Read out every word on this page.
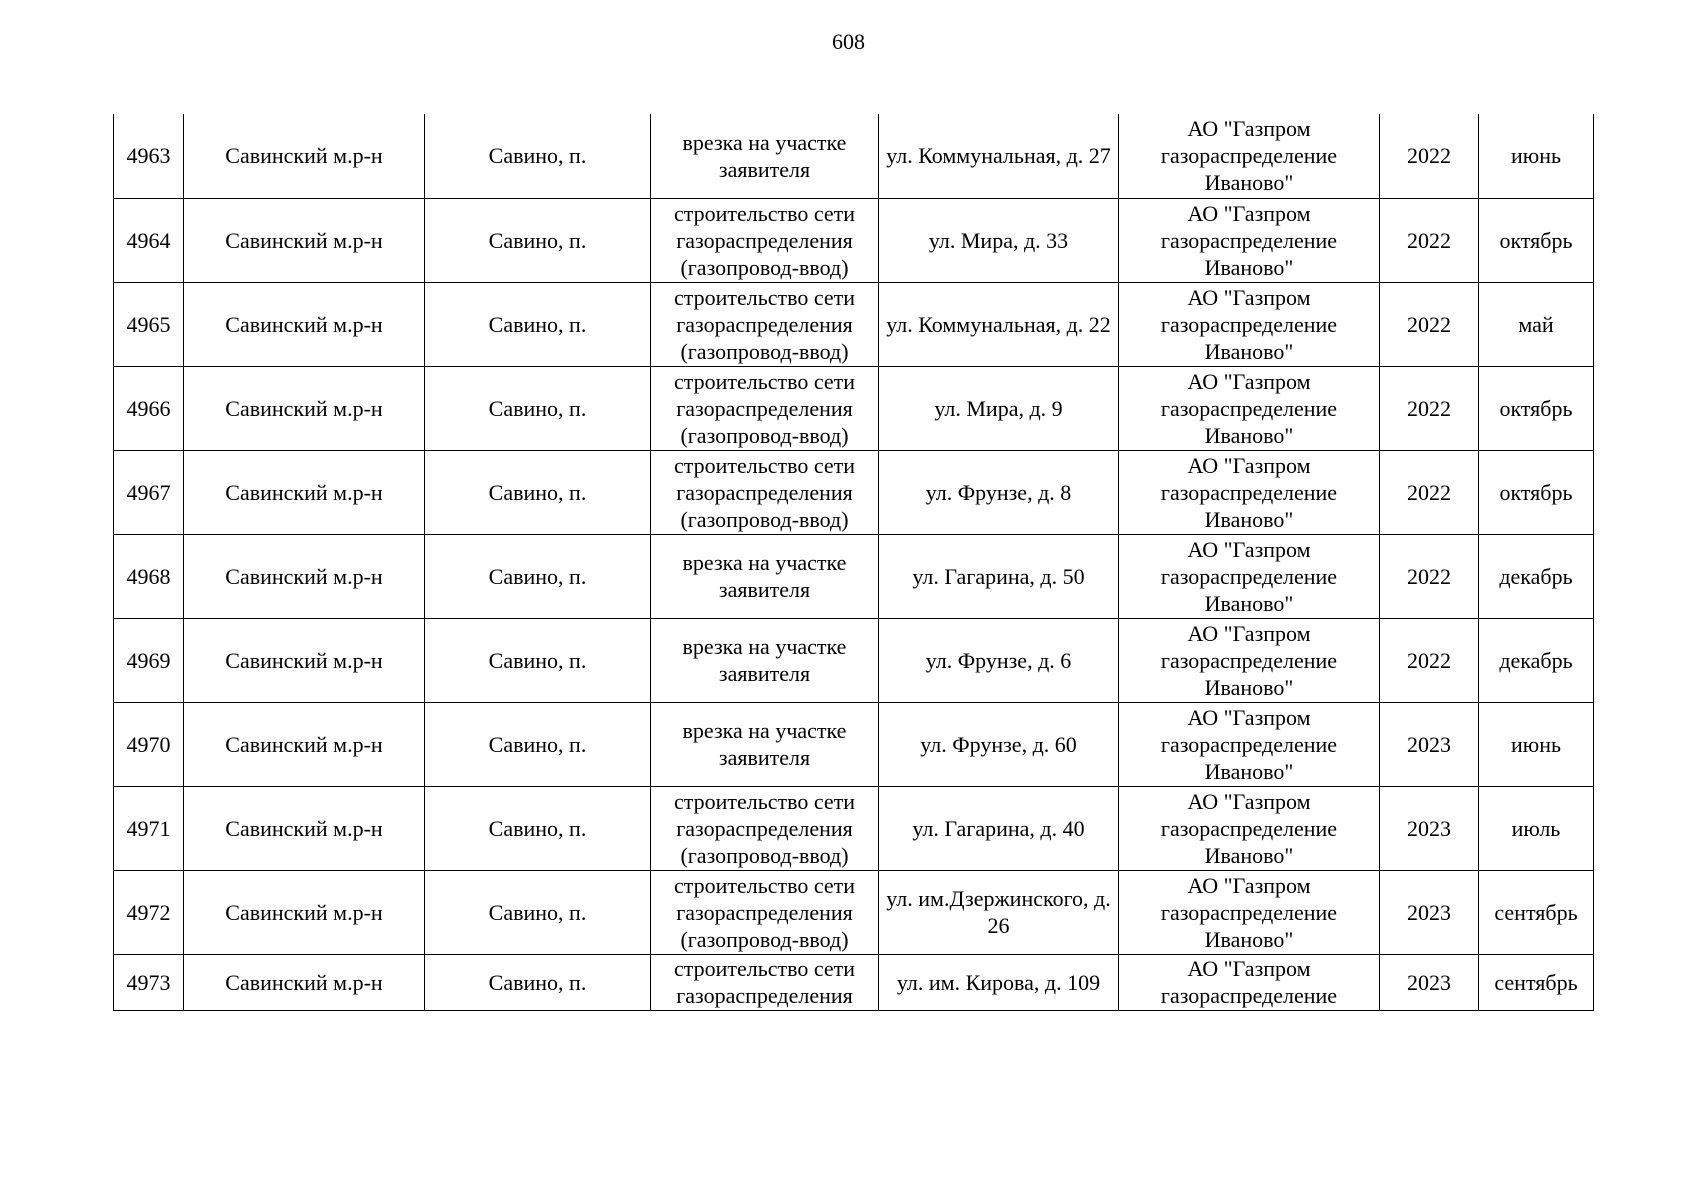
608
4963	Савинский м.р-н	Савино, п.	врезка на участке заявителя	ул. Коммунальная, д. 27	АО "Газпром газораспределение Иваново"	2022	июнь

4964	Савинский м.р-н	Савино, п.	строительство сети газораспределения (газопровод-ввод)	ул. Мира, д. 33	АО "Газпром газораспределение Иваново"	2022	октябрь

4965	Савинский м.р-н	Савино, п.	строительство сети газораспределения (газопровод-ввод)	ул. Коммунальная, д. 22	АО "Газпром газораспределение Иваново"	2022	май

4966	Савинский м.р-н	Савино, п.	строительство сети газораспределения (газопровод-ввод)	ул. Мира, д. 9	АО "Газпром газораспределение Иваново"	2022	октябрь

4967	Савинский м.р-н	Савино, п.	строительство сети газораспределения (газопровод-ввод)	ул. Фрунзе, д. 8	АО "Газпром газораспределение Иваново"	2022	октябрь

4968	Савинский м.р-н	Савино, п.	врезка на участке заявителя	ул. Гагарина, д. 50	АО "Газпром газораспределение Иваново"	2022	декабрь

4969	Савинский м.р-н	Савино, п.	врезка на участке заявителя	ул. Фрунзе, д. 6	АО "Газпром газораспределение Иваново"	2022	декабрь

4970	Савинский м.р-н	Савино, п.	врезка на участке заявителя	ул. Фрунзе, д. 60	АО "Газпром газораспределение Иваново"	2023	июнь

4971	Савинский м.р-н	Савино, п.	строительство сети газораспределения (газопровод-ввод)	ул. Гагарина, д. 40	АО "Газпром газораспределение Иваново"	2023	июль

4972	Савинский м.р-н	Савино, п.	строительство сети газораспределения (газопровод-ввод)	ул. им.Дзержинского, д. 26	АО "Газпром газораспределение Иваново"	2023	сентябрь

4973	Савинский м.р-н	Савино, п.	строительство сети газораспределения	ул. им. Кирова, д. 109	АО "Газпром газораспределение	2023	сентябрь
